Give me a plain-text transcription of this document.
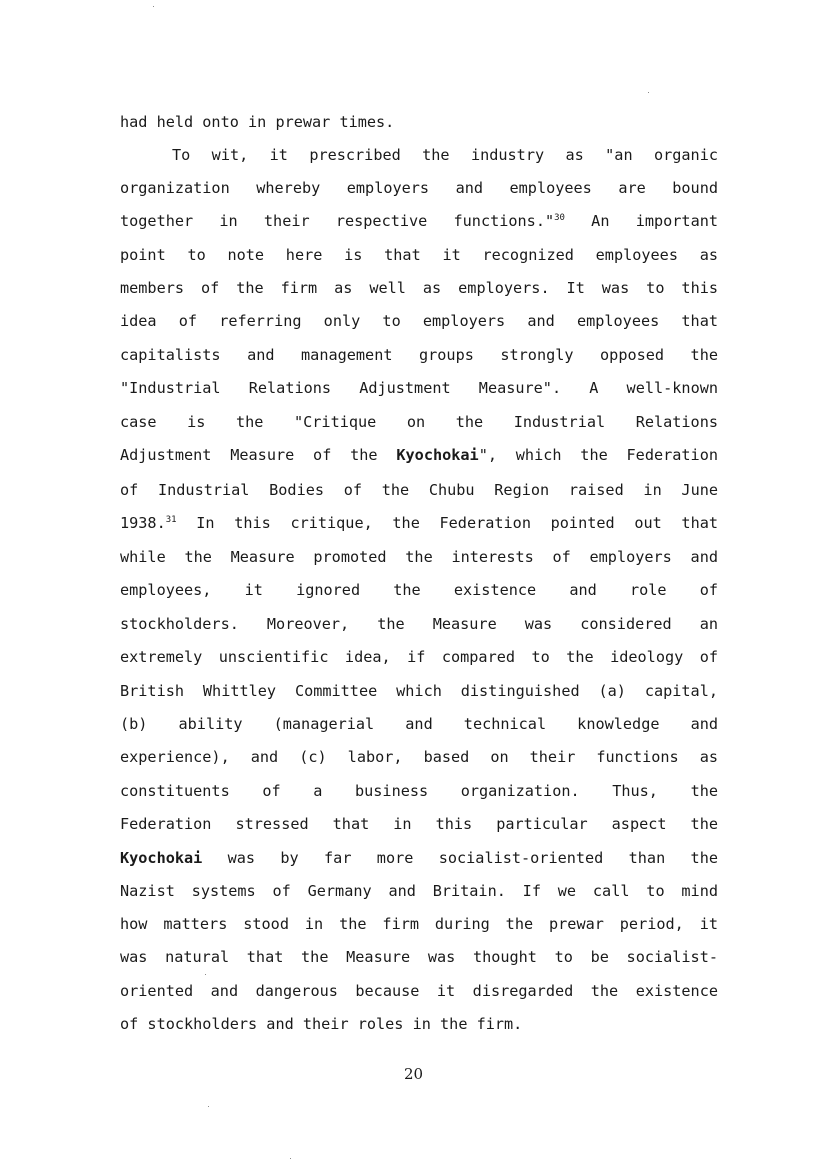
had held onto in prewar times.
To wit, it prescribed the industry as "an organic
organization whereby employers and employees are bound
together in their respective functions."$^{30}$ An important
point to note here is that it recognized employees as
members of the firm as well as employers. It was to this
idea of referring only to employers and employees that
capitalists and management groups strongly opposed the
"Industrial Relations Adjustment Measure". A well-known
case is the "Critique on the Industrial Relations
Adjustment Measure of the Kyochokai", which the Federation
of Industrial Bodies of the Chubu Region raised in June
1938.31 In this critique, the Federation pointed out that
while the Measure promoted the interests of employers and
employees, it ignored the existence and role of
stockholders. Moreover, the Measure was considered an
extremely unscientific idea, if compared to the ideology of
British Whittley Committee which distinguished (a) capital,
(b) ability (managerial and technical knowledge and
experience), and (c) labor, based on their functions as
constituents of a business organization. Thus, the
Federation stressed that in this particular aspect the
Kyochokai was by far more socialist-oriented than the
Nazist systems of Germany and Britain. If we call to mind
how matters stood in the firm during the prewar period, it
was natural that the Measure was thought to be socialist-
oriented and dangerous because it disregarded the existence
of stockholders and their roles in the firm.
20
